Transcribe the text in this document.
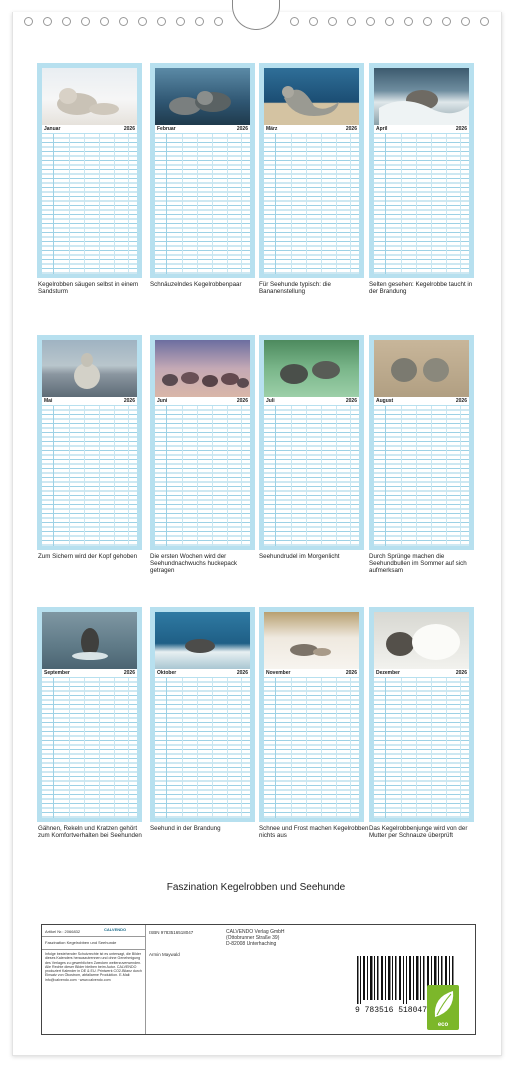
Januar	2026	Februar	2026	März	2026	April	2026
Kegelrobben säugen selbst in einem Sandsturm
Schnäuzelndes Kegelrobbenpaar	Für Seehunde typisch: die Bananenstellung
Selten gesehen: Kegelrobbe taucht in der Brandung
Mai	2026	Juni	2026	Juli	2026	August	2026
Zum Sichern wird der Kopf gehoben	Die ersten Wochen wird der Seehundnachwuchs huckepack getragen
Seehundrudel im Morgenlicht	Durch Sprünge machen die Seehundbullen im Sommer auf sich aufmerksam
September	2026	Oktober	2026	November	2026	Dezember	2026
Gähnen, Rekeln und Kratzen gehört zum Komfortverhalten bei Seehunden
Seehund in der Brandung	Schnee und Frost machen Kegelrobben nichts aus
Das Kegelrobbenjunge wird von der Mutter per Schnauze überprüft
Faszination Kegelrobben und Seehunde
Artikel Nr.: 2066832	CALVENDO
Faszination Kegelrobben und Seehunde
Infolge bestehender Schutzrechte ist es untersagt, die Bilder dieses Kalenders herauszutrennen und ohne Genehmigung des Verlages zu gewerblichen Zwecken weiterzuverwenden. Alle Rechte dieser Bilder bleiben beim Autor. CALVENDO produziert Kalender in DE & EU. Printwerk CO2-Bilanz durch Einsatz von Ökostrom, abfallarme Produktion. E-Mail: info@calvendo.com · www.calvendo.com
ISBN 9783516518047
Armin Maywald
CALVENDO Verlag GmbH
(Ottobrunner Straße 39)
D-82008 Unterhaching
9 783516 518047
eco
